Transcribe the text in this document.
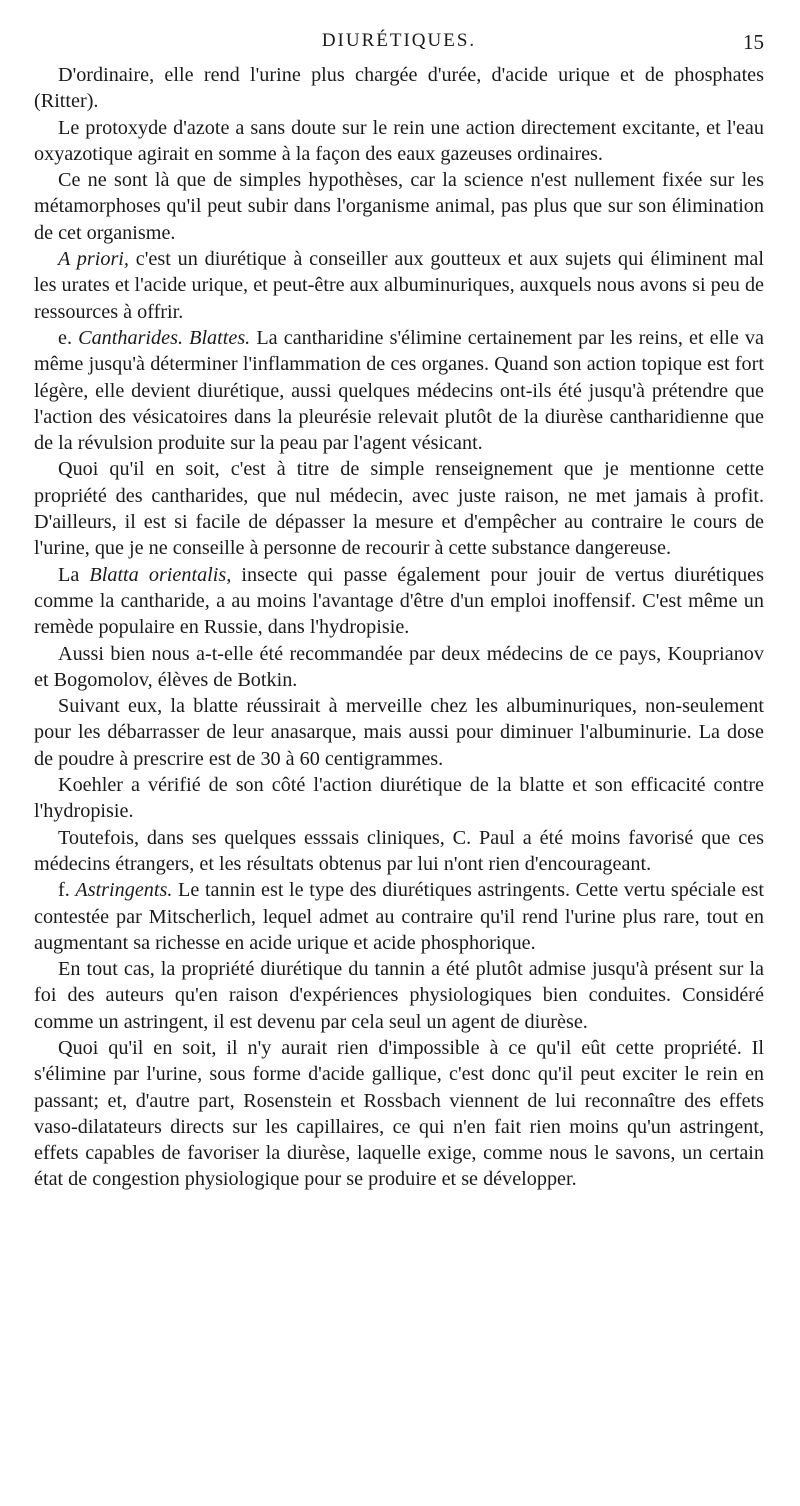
DIURÉTIQUES.	15

D'ordinaire, elle rend l'urine plus chargée d'urée, d'acide urique et de phosphates (Ritter).

Le protoxyde d'azote a sans doute sur le rein une action directement excitante, et l'eau oxyazotique agirait en somme à la façon des eaux gazeuses ordinaires.

Ce ne sont là que de simples hypothèses, car la science n'est nullement fixée sur les métamorphoses qu'il peut subir dans l'organisme animal, pas plus que sur son élimination de cet organisme.

A priori, c'est un diurétique à conseiller aux goutteux et aux sujets qui éliminent mal les urates et l'acide urique, et peut-être aux albuminuriques, auxquels nous avons si peu de ressources à offrir.

e. Cantharides. Blattes. La cantharidine s'élimine certainement par les reins, et elle va même jusqu'à déterminer l'inflammation de ces organes. Quand son action topique est fort légère, elle devient diurétique, aussi quelques médecins ont-ils été jusqu'à prétendre que l'action des vésicatoires dans la pleurésie relevait plutôt de la diurèse cantharidienne que de la révulsion produite sur la peau par l'agent vésicant.

Quoi qu'il en soit, c'est à titre de simple renseignement que je mentionne cette propriété des cantharides, que nul médecin, avec juste raison, ne met jamais à profit. D'ailleurs, il est si facile de dépasser la mesure et d'empêcher au contraire le cours de l'urine, que je ne conseille à personne de recourir à cette substance dangereuse.

La Blatta orientalis, insecte qui passe également pour jouir de vertus diurétiques comme la cantharide, a au moins l'avantage d'être d'un emploi inoffensif. C'est même un remède populaire en Russie, dans l'hydropisie.

Aussi bien nous a-t-elle été recommandée par deux médecins de ce pays, Kouprianov et Bogomolov, élèves de Botkin.

Suivant eux, la blatte réussirait à merveille chez les albuminuriques, non-seulement pour les débarrasser de leur anasarque, mais aussi pour diminuer l'albuminurie. La dose de poudre à prescrire est de 30 à 60 centigrammes.

Koehler a vérifié de son côté l'action diurétique de la blatte et son efficacité contre l'hydropisie.

Toutefois, dans ses quelques esssais cliniques, C. Paul a été moins favorisé que ces médecins étrangers, et les résultats obtenus par lui n'ont rien d'encourageant.

f. Astringents. Le tannin est le type des diurétiques astringents. Cette vertu spéciale est contestée par Mitscherlich, lequel admet au contraire qu'il rend l'urine plus rare, tout en augmentant sa richesse en acide urique et acide phosphorique.

En tout cas, la propriété diurétique du tannin a été plutôt admise jusqu'à présent sur la foi des auteurs qu'en raison d'expériences physiologiques bien conduites. Considéré comme un astringent, il est devenu par cela seul un agent de diurèse.

Quoi qu'il en soit, il n'y aurait rien d'impossible à ce qu'il eût cette propriété. Il s'élimine par l'urine, sous forme d'acide gallique, c'est donc qu'il peut exciter le rein en passant; et, d'autre part, Rosenstein et Rossbach viennent de lui reconnaître des effets vaso-dilatateurs directs sur les capillaires, ce qui n'en fait rien moins qu'un astringent, effets capables de favoriser la diurèse, laquelle exige, comme nous le savons, un certain état de congestion physiologique pour se produire et se développer.
